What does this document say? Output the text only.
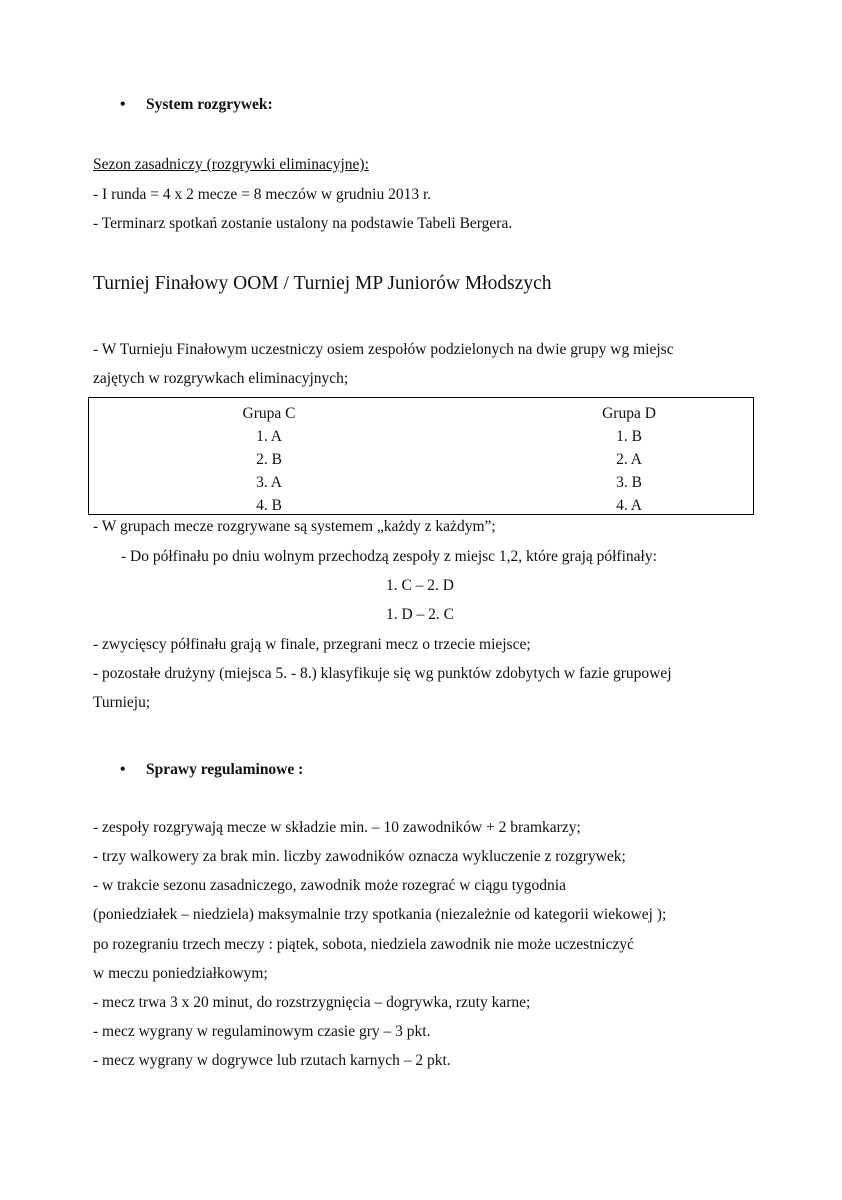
• System rozgrywek:
Sezon zasadniczy (rozgrywki eliminacyjne):
- I runda = 4 x 2 mecze = 8 meczów w grudniu 2013 r.
- Terminarz spotkań zostanie ustalony na podstawie Tabeli Bergera.
Turniej Finałowy OOM / Turniej MP Juniorów Młodszych
- W Turnieju Finałowym uczestniczy osiem zespołów podzielonych na dwie grupy wg miejsc
zajętych w rozgrywkach eliminacyjnych;
Grupa C
1. A
2. B
3. A
4. B
Grupa D
1. B
2. A
3. B
4. A
- W grupach mecze rozgrywane są systemem „każdy z każdym”;
- Do półfinału po dniu wolnym przechodzą zespoły z miejsc 1,2, które grają półfinały:
1. C – 2. D
1. D – 2. C
- zwycięscy półfinału grają w finale, przegrani mecz o trzecie miejsce;
- pozostałe drużyny (miejsca 5. - 8.) klasyfikuje się wg punktów zdobytych w fazie grupowej
Turnieju;
• Sprawy regulaminowe :
- zespoły rozgrywają mecze w składzie min. – 10 zawodników + 2 bramkarzy;
- trzy walkowery za brak min. liczby zawodników oznacza wykluczenie z rozgrywek;
- w trakcie sezonu zasadniczego, zawodnik może rozegrać w ciągu tygodnia
(poniedziałek – niedziela) maksymalnie trzy spotkania (niezależnie od kategorii wiekowej );
po rozegraniu trzech meczy : piątek, sobota, niedziela zawodnik nie może uczestniczyć
w meczu poniedziałkowym;
- mecz trwa 3 x 20 minut, do rozstrzygnięcia – dogrywka, rzuty karne;
- mecz wygrany w regulaminowym czasie gry – 3 pkt.
- mecz wygrany w dogrywce lub rzutach karnych – 2 pkt.
